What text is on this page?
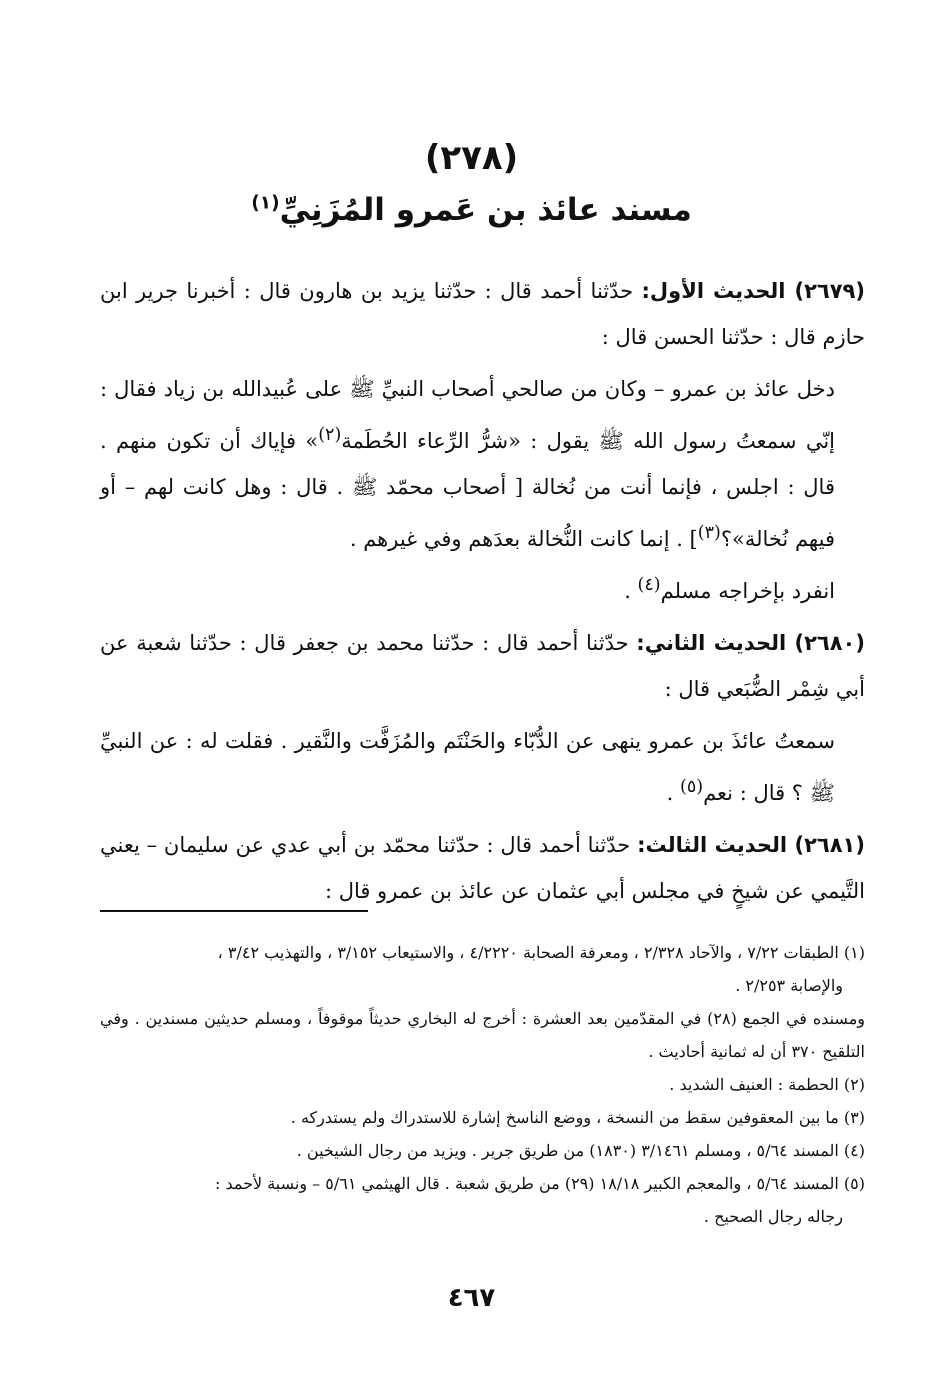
(٢٧٨)
مسند عائذ بن عَمرو المُزَنِيِّ$^{(١)}$

(٢٦٧٩) الحديث الأول: حدّثنا أحمد قال : حدّثنا يزيد بن هارون قال : أخبرنا جرير ابن حازم قال : حدّثنا الحسن قال :

دخل عائذ بن عمرو – وكان من صالحي أصحاب النبيِّ ﷺ على عُبيدالله بن زياد فقال : إنّي سمعتُ رسول الله ﷺ يقول : «شرُّ الرِّعاء الحُطَمة$^{(٢)}$» فإياك أن تكون منهم . قال : اجلس ، فإنما أنت من نُخالة [ أصحاب محمّد ﷺ . قال : وهل كانت لهم – أو فيهم نُخالة»؟$^{(٣)}$] . إنما كانت النُّخالة بعدَهم وفي غيرهم .

انفرد بإخراجه مسلم$^{(٤)}$ .

(٢٦٨٠) الحديث الثاني: حدّثنا أحمد قال : حدّثنا محمد بن جعفر قال : حدّثنا شعبة عن أبي شِمْر الضُّبَعي قال :

سمعتُ عائذَ بن عمرو ينهى عن الدُّبّاء والحَنْتَم والمُزَفَّت والنَّقير . فقلت له : عن النبيِّ ﷺ ؟ قال : نعم$^{(٥)}$ .

(٢٦٨١) الحديث الثالث: حدّثنا أحمد قال : حدّثنا محمّد بن أبي عدي عن سليمان – يعني التَّيمي عن شيخٍ في مجلس أبي عثمان عن عائذ بن عمرو قال :

(١) الطبقات ٧/٢٢ ، والآحاد ٢/٣٢٨ ، ومعرفة الصحابة ٤/٢٢٢٠ ، والاستيعاب ٣/١٥٢ ، والتهذيب ٣/٤٢ ،

والإصابة ٢/٢٥٣ .

ومسنده في الجمع (٢٨) في المقدّمين بعد العشرة : أخرج له البخاري حديثاً موقوفاً ، ومسلم حديثين مسندين . وفي التلقيح ٣٧٠ أن له ثمانية أحاديث .

(٢) الحطمة : العنيف الشديد .

(٣) ما بين المعقوفين سقط من النسخة ، ووضع الناسخ إشارة للاستدراك ولم يستدركه .

(٤) المسند ٥/٦٤ ، ومسلم ٣/١٤٦١ (١٨٣٠) من طريق جرير . ويزيد من رجال الشيخين .

(٥) المسند ٥/٦٤ ، والمعجم الكبير ١٨/١٨ (٢٩) من طريق شعبة . قال الهيثمي ٥/٦١ – ونسبة لأحمد :

رجاله رجال الصحيح .

٤٦٧
